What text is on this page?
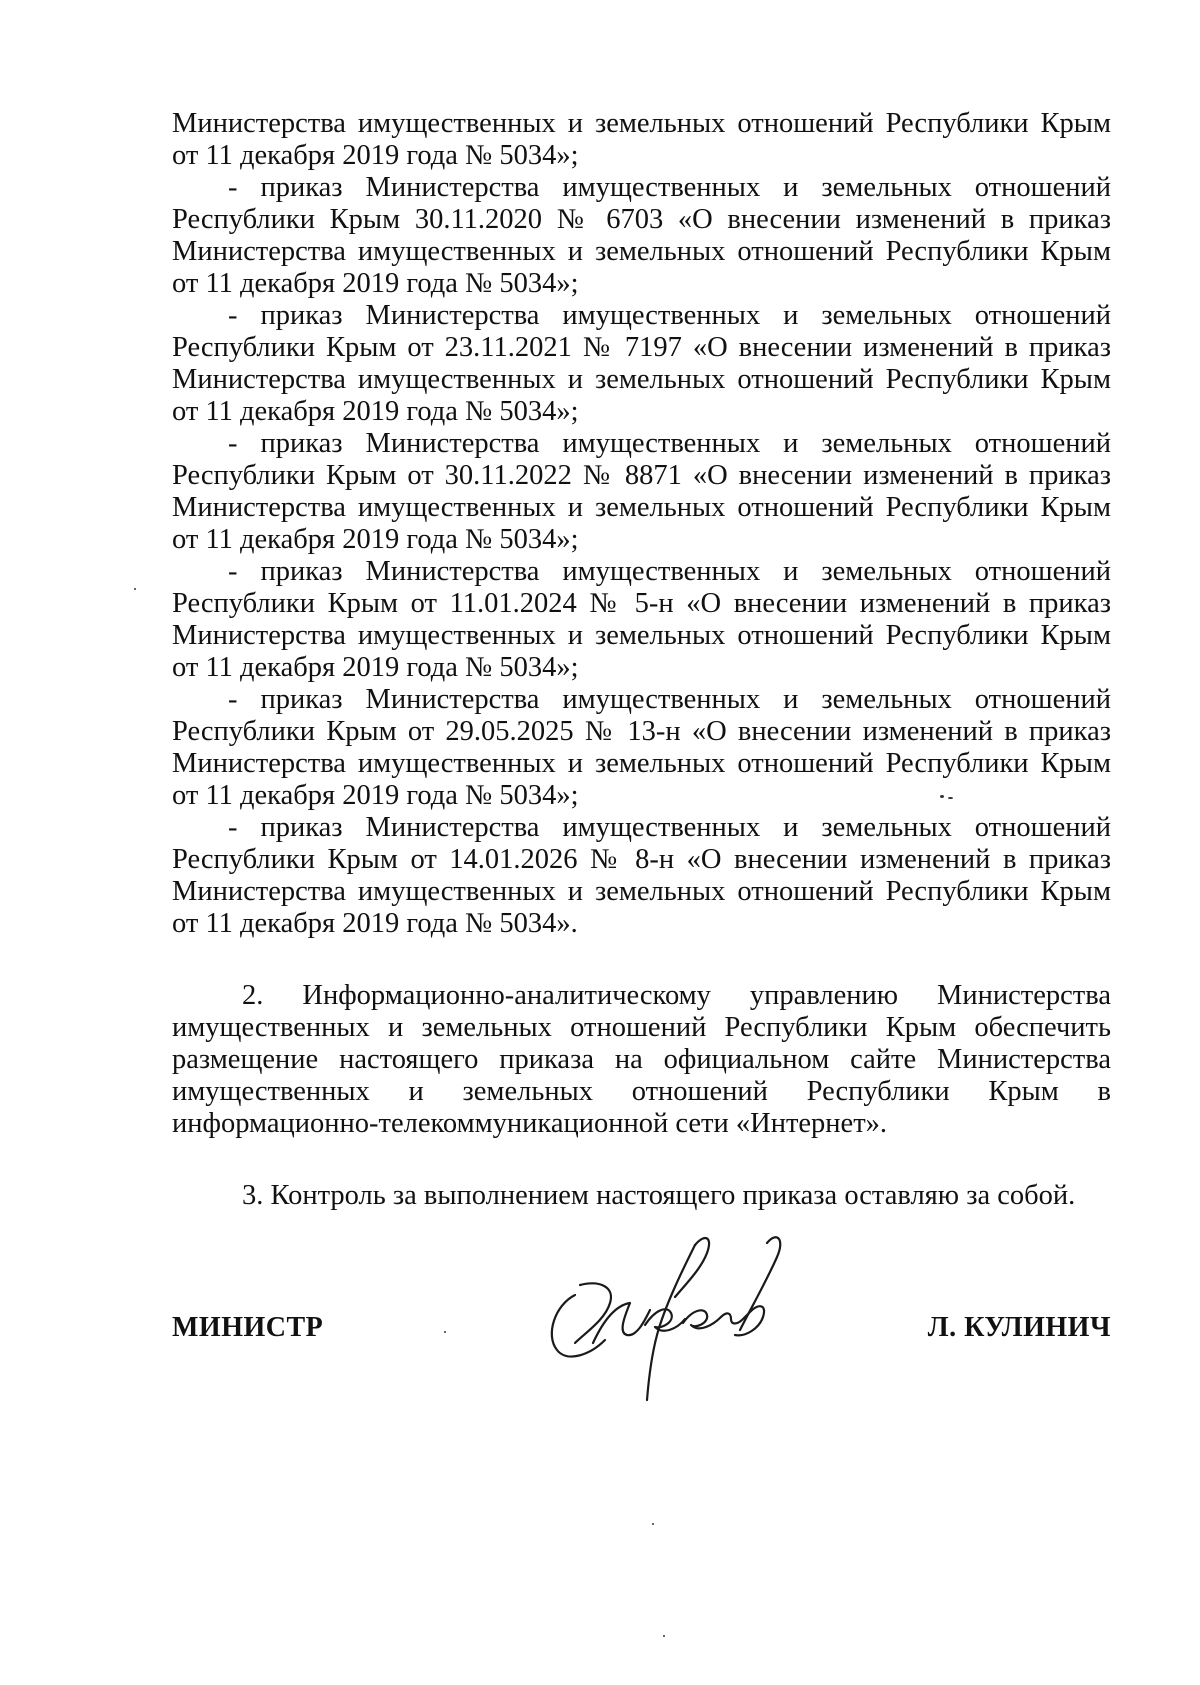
Министерства имущественных и земельных отношений Республики Крым от 11 декабря 2019 года № 5034»;

- приказ Министерства имущественных и земельных отношений Республики Крым 30.11.2020 № 6703 «О внесении изменений в приказ Министерства имущественных и земельных отношений Республики Крым от 11 декабря 2019 года № 5034»;

- приказ Министерства имущественных и земельных отношений Республики Крым от 23.11.2021 № 7197 «О внесении изменений в приказ Министерства имущественных и земельных отношений Республики Крым от 11 декабря 2019 года № 5034»;

- приказ Министерства имущественных и земельных отношений Республики Крым от 30.11.2022 № 8871 «О внесении изменений в приказ Министерства имущественных и земельных отношений Республики Крым от 11 декабря 2019 года № 5034»;

- приказ Министерства имущественных и земельных отношений Республики Крым от 11.01.2024 № 5-н «О внесении изменений в приказ Министерства имущественных и земельных отношений Республики Крым от 11 декабря 2019 года № 5034»;

- приказ Министерства имущественных и земельных отношений Республики Крым от 29.05.2025 № 13-н «О внесении изменений в приказ Министерства имущественных и земельных отношений Республики Крым от 11 декабря 2019 года № 5034»;

- приказ Министерства имущественных и земельных отношений Республики Крым от 14.01.2026 № 8-н «О внесении изменений в приказ Министерства имущественных и земельных отношений Республики Крым от 11 декабря 2019 года № 5034».

2. Информационно-аналитическому управлению Министерства имущественных и земельных отношений Республики Крым обеспечить размещение настоящего приказа на официальном сайте Министерства имущественных и земельных отношений Республики Крым в информационно-телекоммуникационной сети «Интернет».

3. Контроль за выполнением настоящего приказа оставляю за собой.

МИНИСТР	Л. КУЛИНИЧ
